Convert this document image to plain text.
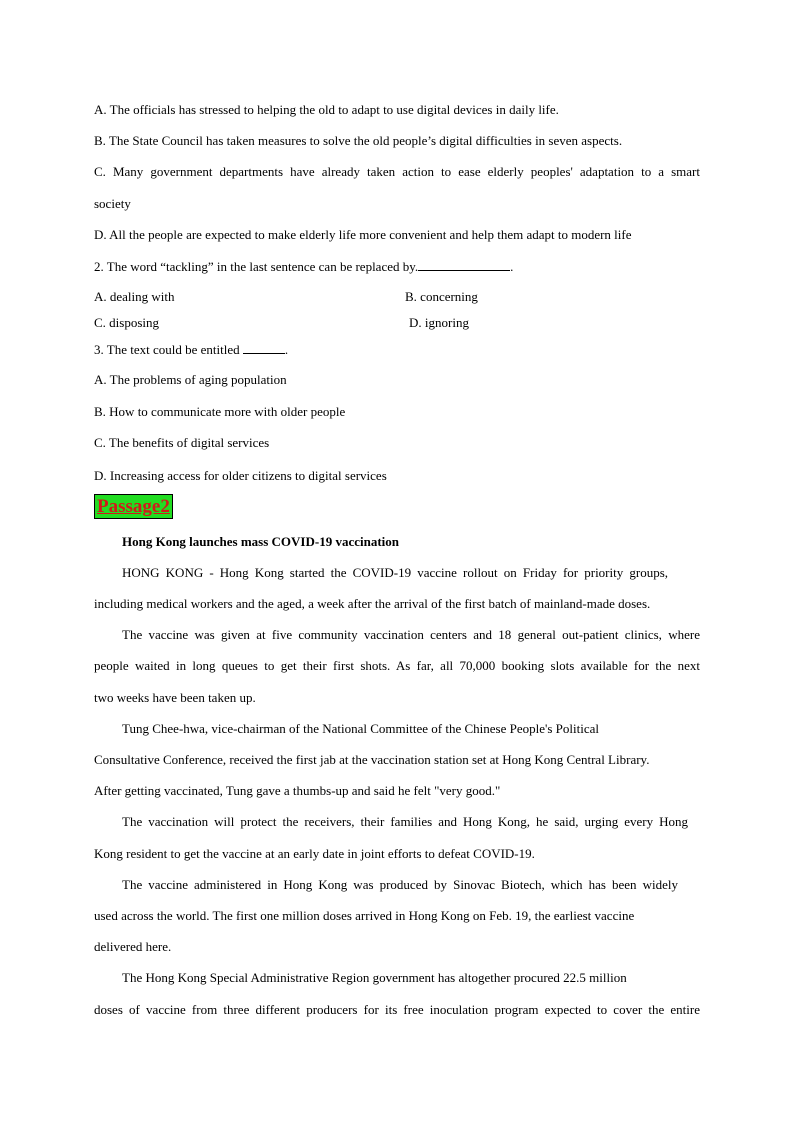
A. The officials has stressed to helping the old to adapt to use digital devices in daily life.
B. The State Council has taken measures to solve the old people’s digital difficulties in seven aspects.
C. Many government departments have already taken action to ease elderly peoples' adaptation to a smart
society
D. All the people are expected to make elderly life more convenient and help them adapt to modern life
2. The word “tackling” in the last sentence can be replaced by.	.
A. dealing with	B. concerning
C. disposing	D. ignoring
3. The text could be entitled	.
A. The problems of aging population
B. How to communicate more with older people
C. The benefits of digital services
D. Increasing access for older citizens to digital services
Passage2
Hong Kong launches mass COVID-19 vaccination
HONG KONG - Hong Kong started the COVID-19 vaccine rollout on Friday for priority groups,
including medical workers and the aged, a week after the arrival of the first batch of mainland-made doses.
The vaccine was given at five community vaccination centers and 18 general out-patient clinics, where
people waited in long queues to get their first shots. As far, all 70,000 booking slots available for the next
two weeks have been taken up.
Tung Chee-hwa, vice-chairman of the National Committee of the Chinese People's Political
Consultative Conference, received the first jab at the vaccination station set at Hong Kong Central Library.
After getting vaccinated, Tung gave a thumbs-up and said he felt "very good."
The vaccination will protect the receivers, their families and Hong Kong, he said, urging every Hong
Kong resident to get the vaccine at an early date in joint efforts to defeat COVID-19.
The vaccine administered in Hong Kong was produced by Sinovac Biotech, which has been widely
used across the world. The first one million doses arrived in Hong Kong on Feb. 19, the earliest vaccine
delivered here.
The Hong Kong Special Administrative Region government has altogether procured 22.5 million
doses of vaccine from three different producers for its free inoculation program expected to cover the entire
